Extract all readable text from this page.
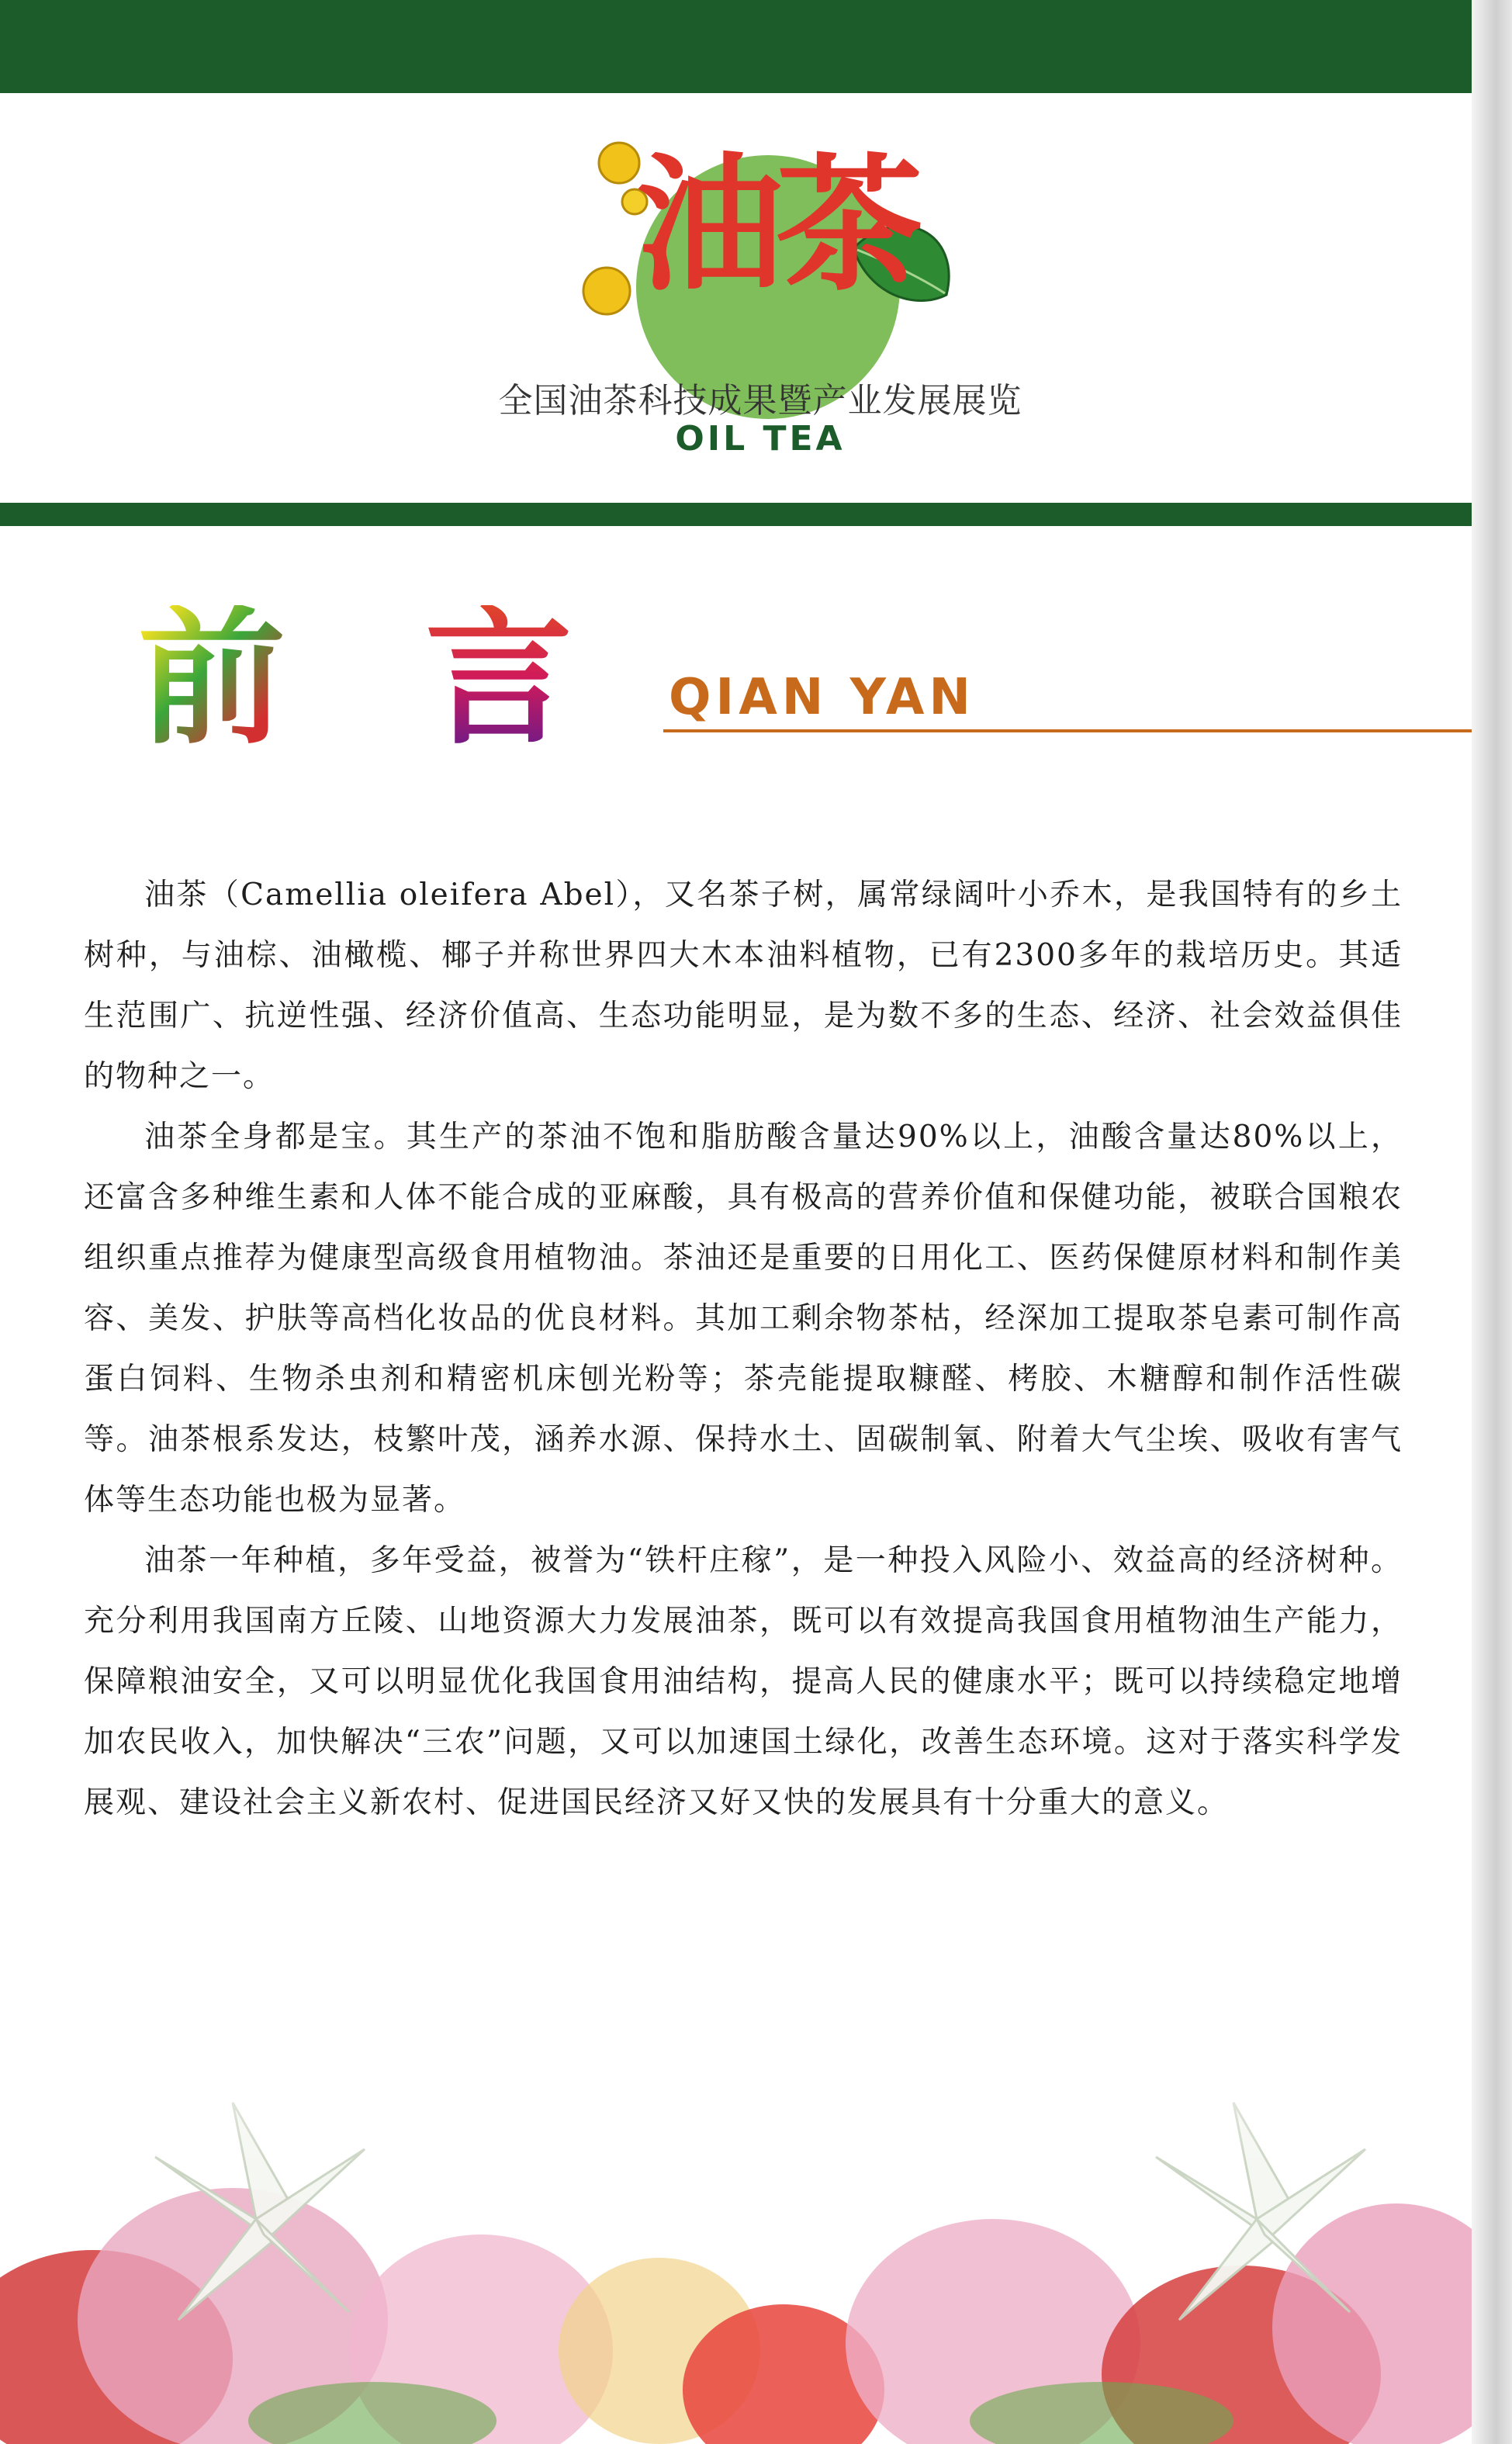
油茶
全国油茶科技成果暨产业发展展览
OIL TEA
前 言 QIAN YAN

油茶（Camellia oleifera Abel），又名茶子树，属常绿阔叶小乔木，是我国特有的乡土树种，与油棕、油橄榄、椰子并称世界四大木本油料植物，已有2300多年的栽培历史。其适生范围广、抗逆性强、经济价值高、生态功能明显，是为数不多的生态、经济、社会效益俱佳的物种之一。

油茶全身都是宝。其生产的茶油不饱和脂肪酸含量达90%以上，油酸含量达80%以上， 还富含多种维生素和人体不能合成的亚麻酸，具有极高的营养价值和保健功能，被联合国粮农组织重点推荐为健康型高级食用植物油。茶油还是重要的日用化工、医药保健原材料和制作美容、美发、护肤等高档化妆品的优良材料。其加工剩余物茶枯，经深加工提取茶皂素可制作高蛋白饲料、生物杀虫剂和精密机床刨光粉等；茶壳能提取糠醛、栲胶、木糖醇和制作活性碳等。油茶根系发达，枝繁叶茂，涵养水源、保持水土、固碳制氧、附着大气尘埃、吸收有害气体等生态功能也极为显著。

油茶一年种植，多年受益，被誉为“铁杆庄稼”，是一种投入风险小、效益高的经济树种。充分利用我国南方丘陵、山地资源大力发展油茶，既可以有效提高我国食用植物油生产能力，保障粮油安全，又可以明显优化我国食用油结构，提高人民的健康水平；既可以持续稳定地增加农民收入，加快解决“三农”问题，又可以加速国土绿化，改善生态环境。这对于落实科学发展观、建设社会主义新农村、促进国民经济又好又快的发展具有十分重大的意义。
